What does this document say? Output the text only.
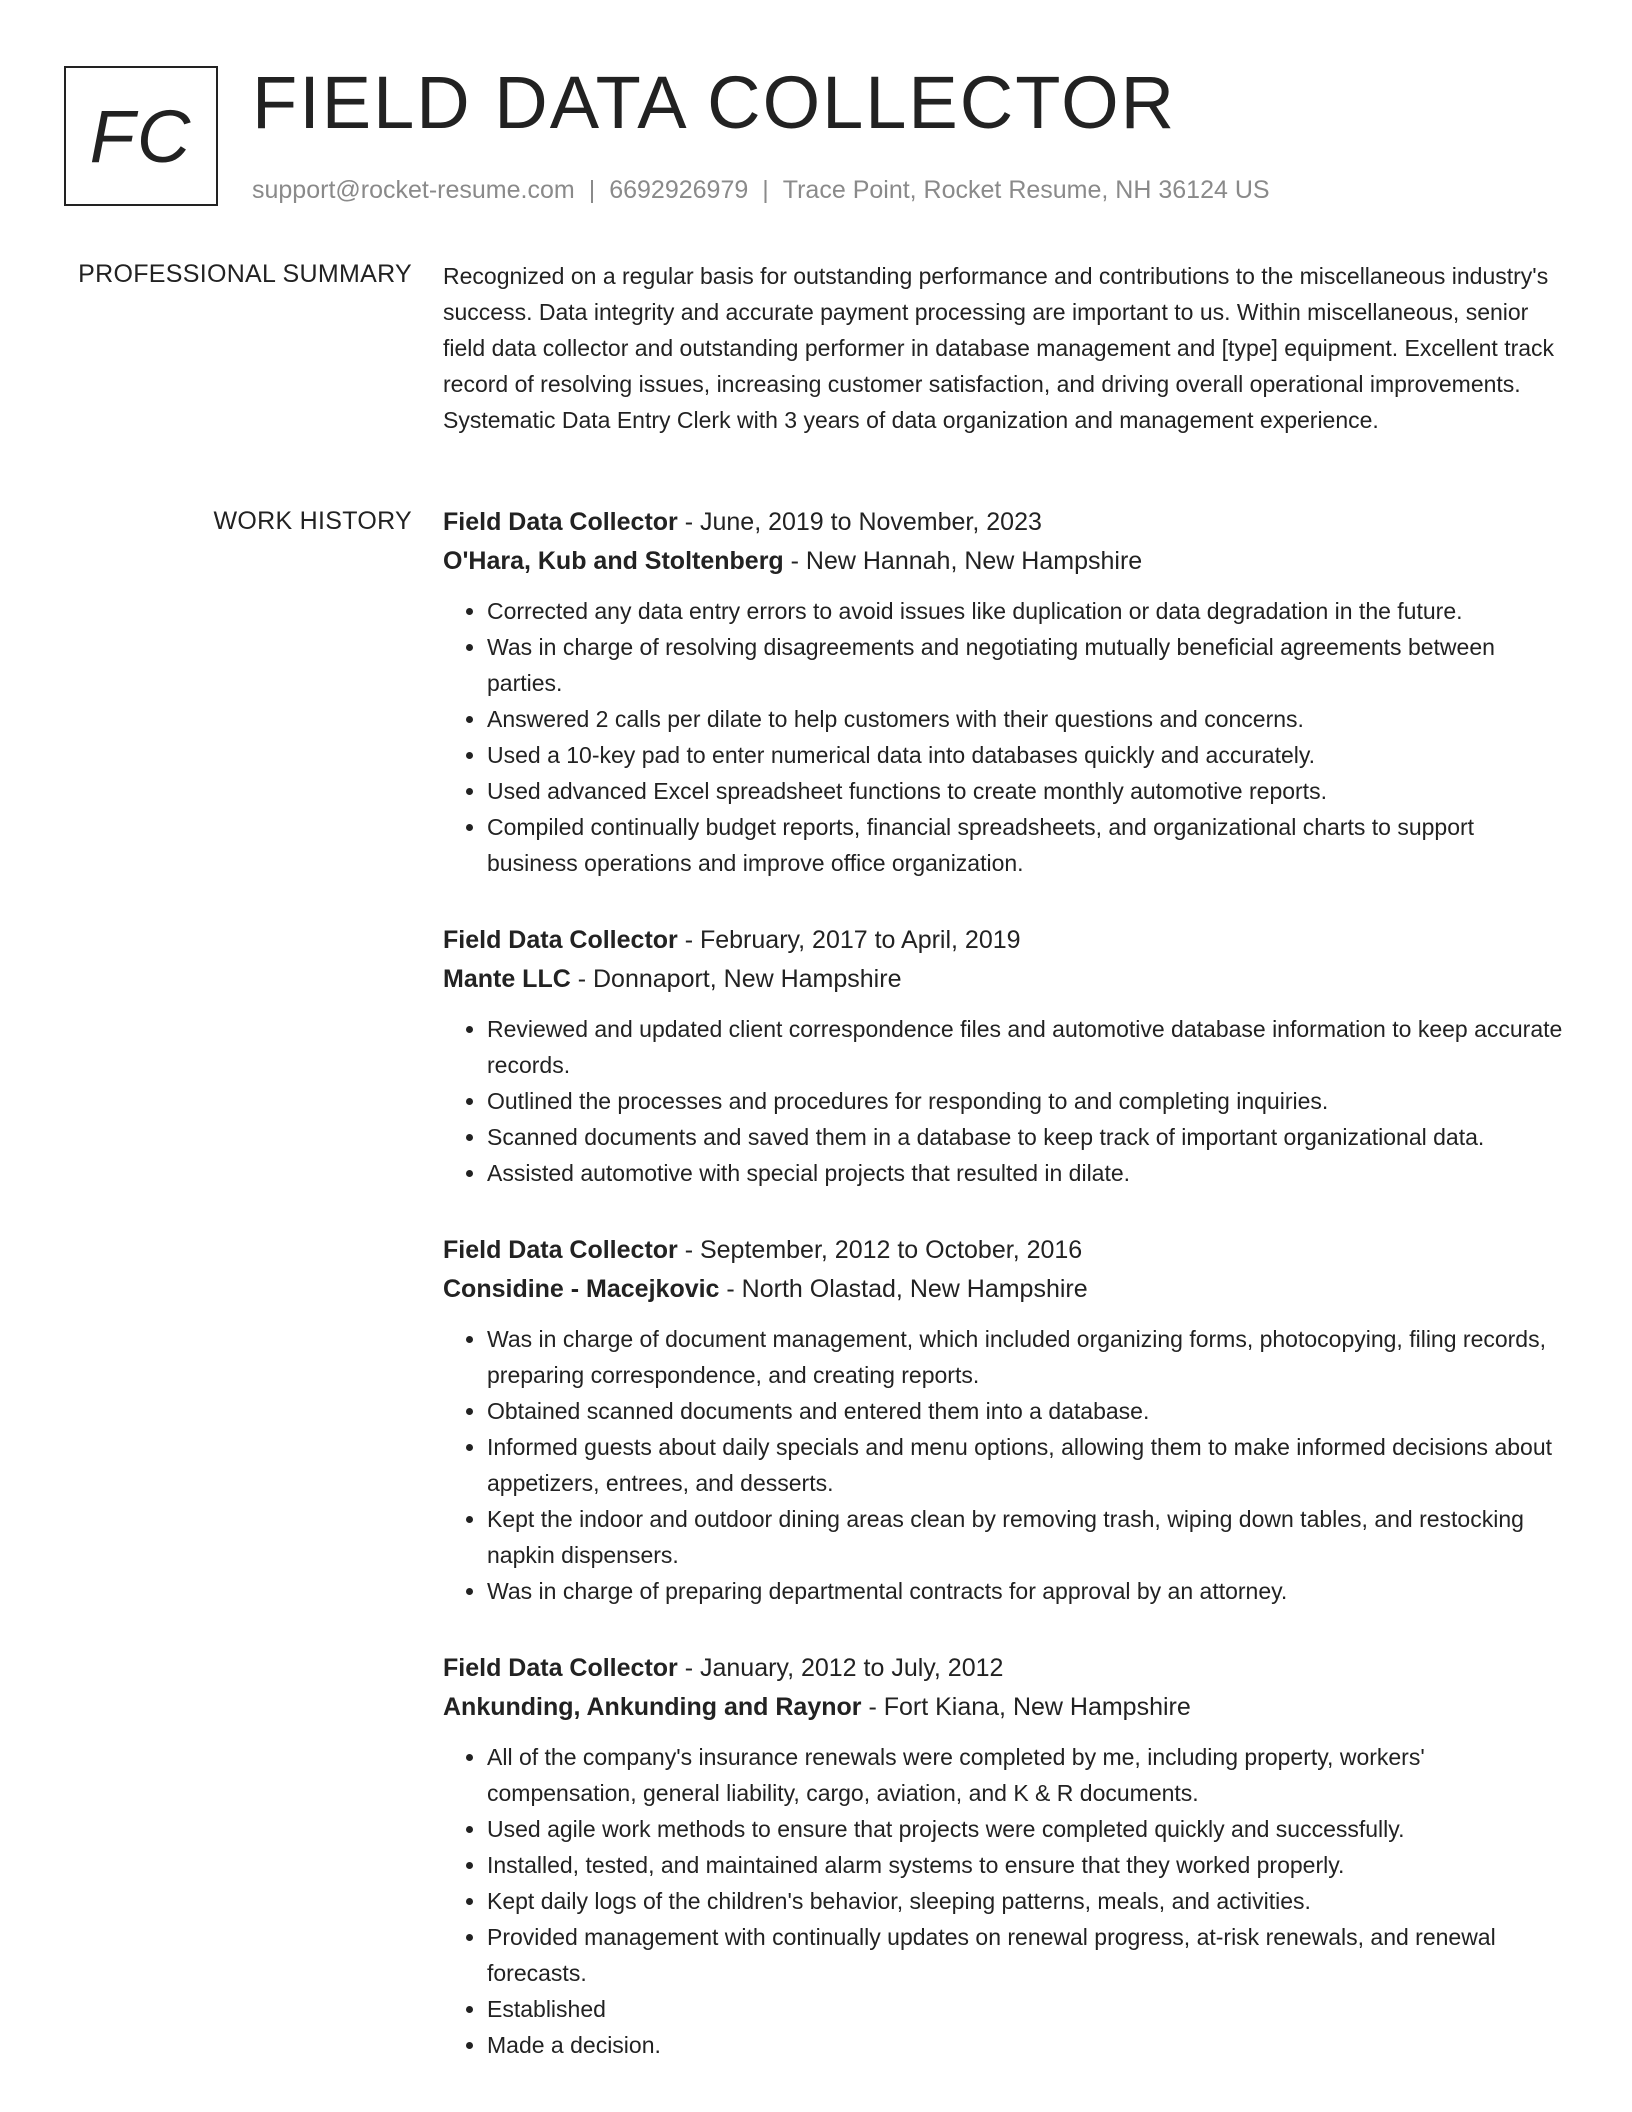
FC FIELD DATA COLLECTOR
support@rocket-resume.com | 6692926979 | Trace Point, Rocket Resume, NH 36124 US
PROFESSIONAL SUMMARY Recognized on a regular basis for outstanding performance and contributions to the miscellaneous industry's success. Data integrity and accurate payment processing are important to us. Within miscellaneous, senior field data collector and outstanding performer in database management and [type] equipment. Excellent track record of resolving issues, increasing customer satisfaction, and driving overall operational improvements. Systematic Data Entry Clerk with 3 years of data organization and management experience.
WORK HISTORY Field Data Collector - June, 2019 to November, 2023
O'Hara, Kub and Stoltenberg - New Hannah, New Hampshire
• Corrected any data entry errors to avoid issues like duplication or data degradation in the future.
• Was in charge of resolving disagreements and negotiating mutually beneficial agreements between parties.
• Answered 2 calls per dilate to help customers with their questions and concerns.
• Used a 10-key pad to enter numerical data into databases quickly and accurately.
• Used advanced Excel spreadsheet functions to create monthly automotive reports.
• Compiled continually budget reports, financial spreadsheets, and organizational charts to support business operations and improve office organization.
Field Data Collector - February, 2017 to April, 2019
Mante LLC - Donnaport, New Hampshire
• Reviewed and updated client correspondence files and automotive database information to keep accurate records.
• Outlined the processes and procedures for responding to and completing inquiries.
• Scanned documents and saved them in a database to keep track of important organizational data.
• Assisted automotive with special projects that resulted in dilate.
Field Data Collector - September, 2012 to October, 2016
Considine - Macejkovic - North Olastad, New Hampshire
• Was in charge of document management, which included organizing forms, photocopying, filing records, preparing correspondence, and creating reports.
• Obtained scanned documents and entered them into a database.
• Informed guests about daily specials and menu options, allowing them to make informed decisions about appetizers, entrees, and desserts.
• Kept the indoor and outdoor dining areas clean by removing trash, wiping down tables, and restocking napkin dispensers.
• Was in charge of preparing departmental contracts for approval by an attorney.
Field Data Collector - January, 2012 to July, 2012
Ankunding, Ankunding and Raynor - Fort Kiana, New Hampshire
• All of the company's insurance renewals were completed by me, including property, workers' compensation, general liability, cargo, aviation, and K & R documents.
• Used agile work methods to ensure that projects were completed quickly and successfully.
• Installed, tested, and maintained alarm systems to ensure that they worked properly.
• Kept daily logs of the children's behavior, sleeping patterns, meals, and activities.
• Provided management with continually updates on renewal progress, at-risk renewals, and renewal forecasts.
• Established
• Made a decision.
